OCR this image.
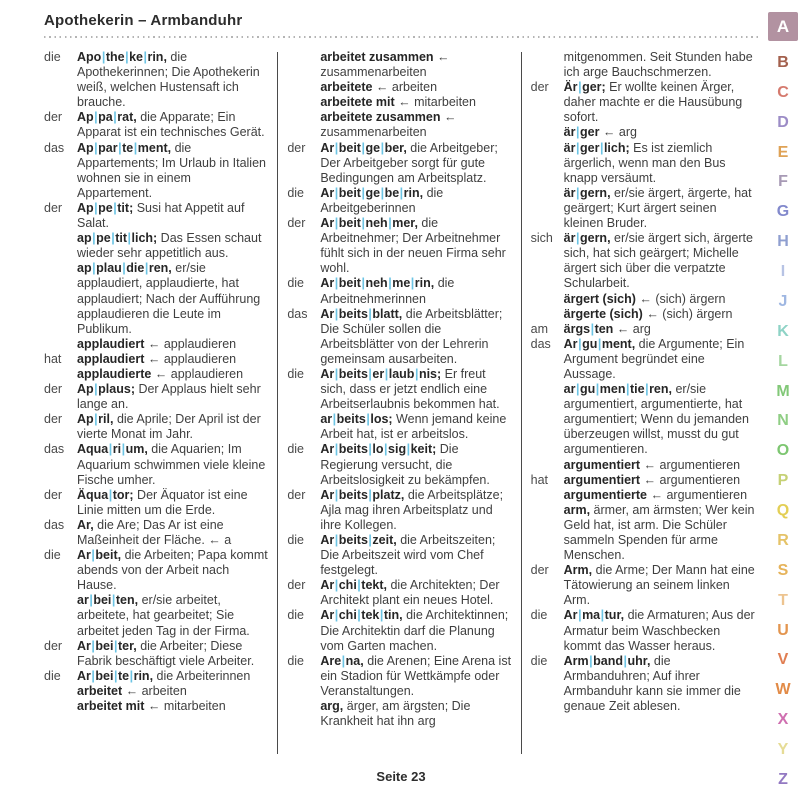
Apothekerin – Armbanduhr
die	Apo|the|ke|rin, die Apothekerinnen; Die Apothekerin weiß, welchen Hustensaft ich brauche.
der	Ap|pa|rat, die Apparate; Ein Apparat ist ein technisches Gerät.
das	Ap|par|te|ment, die Appartements; Im Urlaub in Italien wohnen sie in einem Appartement.
der	Ap|pe|tit; Susi hat Appetit auf Salat.
ap|pe|tit|lich; Das Essen schaut wieder sehr appetitlich aus.
ap|plau|die|ren, er/sie applaudiert, applaudierte, hat applaudiert; Nach der Aufführung applaudieren die Leute im Publikum.
applaudiert ← applaudieren
hat	applaudiert ← applaudieren
applaudierte ← applaudieren
der	Ap|plaus; Der Applaus hielt sehr lange an.
der	Ap|ril, die Aprile; Der April ist der vierte Monat im Jahr.
das	Aqua|ri|um, die Aquarien; Im Aquarium schwimmen viele kleine Fische umher.
der	Äqua|tor; Der Äquator ist eine Linie mitten um die Erde.
das	Ar, die Are; Das Ar ist eine Maßeinheit der Fläche. ← a
die	Ar|beit, die Arbeiten; Papa kommt abends von der Arbeit nach Hause.
ar|bei|ten, er/sie arbeitet, arbeitete, hat gearbeitet; Sie arbeitet jeden Tag in der Firma.
der	Ar|bei|ter, die Arbeiter; Diese Fabrik beschäftigt viele Arbeiter.
die	Ar|bei|te|rin, die Arbeiterinnen
arbeitet ← arbeiten
arbeitet mit ← mitarbeiten
arbeitet zusammen ← zusammenarbeiten
arbeitete ← arbeiten
arbeitete mit ← mitarbeiten
arbeitete zusammen ← zusammenarbeiten
der	Ar|beit|ge|ber, die Arbeitgeber; Der Arbeitgeber sorgt für gute Bedingungen am Arbeitsplatz.
die	Ar|beit|ge|be|rin, die Arbeitgeberinnen
der	Ar|beit|neh|mer, die Arbeitnehmer; Der Arbeitnehmer fühlt sich in der neuen Firma sehr wohl.
die	Ar|beit|neh|me|rin, die Arbeitnehmerinnen
das	Ar|beits|blatt, die Arbeitsblätter; Die Schüler sollen die Arbeitsblätter von der Lehrerin gemeinsam ausarbeiten.
die	Ar|beits|er|laub|nis; Er freut sich, dass er jetzt endlich eine Arbeitserlaubnis bekommen hat.
ar|beits|los; Wenn jemand keine Arbeit hat, ist er arbeitslos.
die	Ar|beits|lo|sig|keit; Die Regierung versucht, die Arbeitslosigkeit zu bekämpfen.
der	Ar|beits|platz, die Arbeitsplätze; Ajla mag ihren Arbeitsplatz und ihre Kollegen.
die	Ar|beits|zeit, die Arbeitszeiten; Die Arbeitszeit wird vom Chef festgelegt.
der	Ar|chi|tekt, die Architekten; Der Architekt plant ein neues Hotel.
die	Ar|chi|tek|tin, die Architektinnen; Die Architektin darf die Planung vom Garten machen.
die	Are|na, die Arenen; Eine Arena ist ein Stadion für Wettkämpfe oder Veranstaltungen.
arg, ärger, am ärgsten; Die Krankheit hat ihn arg
mitgenommen. Seit Stunden habe ich arge Bauchschmerzen.
der	Är|ger; Er wollte keinen Ärger, daher machte er die Hausübung sofort.
är|ger ← arg
är|ger|lich; Es ist ziemlich ärgerlich, wenn man den Bus knapp versäumt.
är|gern, er/sie ärgert, ärgerte, hat geärgert; Kurt ärgert seinen kleinen Bruder.
sich är|gern, er/sie ärgert sich, ärgerte sich, hat sich geärgert; Michelle ärgert sich über die verpatzte Schularbeit.
ärgert (sich) ← (sich) ärgern
ärgerte (sich) ← (sich) ärgern
am	ärgs|ten ← arg
das	Ar|gu|ment, die Argumente; Ein Argument begründet eine Aussage.
ar|gu|men|tie|ren, er/sie argumentiert, argumentierte, hat argumentiert; Wenn du jemanden überzeugen willst, musst du gut argumentieren.
argumentiert ← argumentieren
hat	argumentiert ← argumentieren
argumentierte ← argumentieren
arm, ärmer, am ärmsten; Wer kein Geld hat, ist arm. Die Schüler sammeln Spenden für arme Menschen.
der	Arm, die Arme; Der Mann hat eine Tätowierung an seinem linken Arm.
die	Ar|ma|tur, die Armaturen; Aus der Armatur beim Waschbecken kommt das Wasser heraus.
die	Arm|band|uhr, die Armbanduhren; Auf ihrer Armbanduhr kann sie immer die genaue Zeit ablesen.
Seite 23
A
B
C
D
E
F
G
H
I
J
K
L
M
N
O
P
Q
R
S
T
U
V
W
X
Y
Z
